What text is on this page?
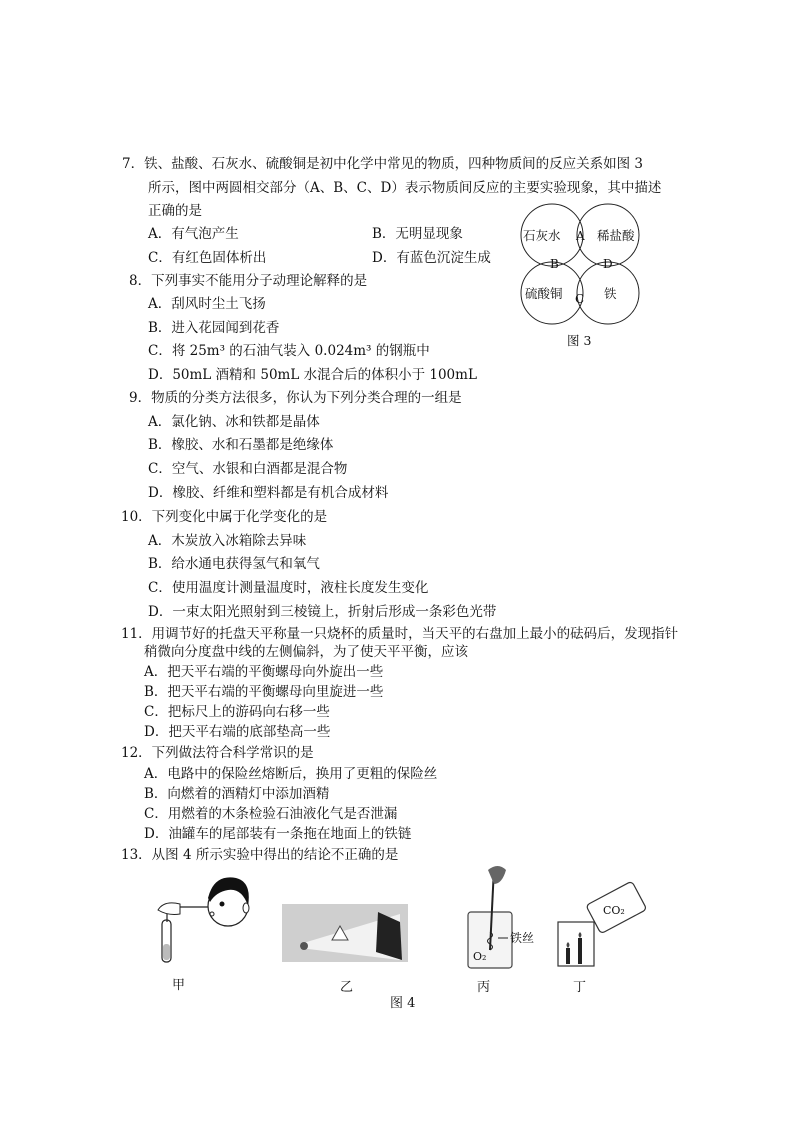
7．铁、盐酸、石灰水、硫酸铜是初中化学中常见的物质，四种物质间的反应关系如图 3
所示，图中两圆相交部分（A、B、C、D）表示物质间反应的主要实验现象，其中描述
正确的是
A．有气泡产生	B．无明显现象
C．有红色固体析出	D．有蓝色沉淀生成
石灰水	稀盐酸
硫酸铜	铁
A
B
C
D
图 3
8．下列事实不能用分子动理论解释的是
A．刮风时尘土飞扬
B．进入花园闻到花香
C．将 25m³ 的石油气装入 0.024m³ 的钢瓶中
D．50mL 酒精和 50mL 水混合后的体积小于 100mL
9．物质的分类方法很多，你认为下列分类合理的一组是
A．氯化钠、冰和铁都是晶体
B．橡胶、水和石墨都是绝缘体
C．空气、水银和白酒都是混合物
D．橡胶、纤维和塑料都是有机合成材料
10．下列变化中属于化学变化的是
A．木炭放入冰箱除去异味
B．给水通电获得氢气和氧气
C．使用温度计测量温度时，液柱长度发生变化
D．一束太阳光照射到三棱镜上，折射后形成一条彩色光带
11．用调节好的托盘天平称量一只烧杯的质量时，当天平的右盘加上最小的砝码后，发现指针
稍微向分度盘中线的左侧偏斜，为了使天平平衡，应该
A．把天平右端的平衡螺母向外旋出一些
B．把天平右端的平衡螺母向里旋进一些
C．把标尺上的游码向右移一些
D．把天平右端的底部垫高一些
12．下列做法符合科学常识的是
A．电路中的保险丝熔断后，换用了更粗的保险丝
B．向燃着的酒精灯中添加酒精
C．用燃着的木条检验石油液化气是否泄漏
D．油罐车的尾部装有一条拖在地面上的铁链
13．从图 4 所示实验中得出的结论不正确的是
甲	乙
铁丝
O₂
丙
CO₂
丁
图 4
